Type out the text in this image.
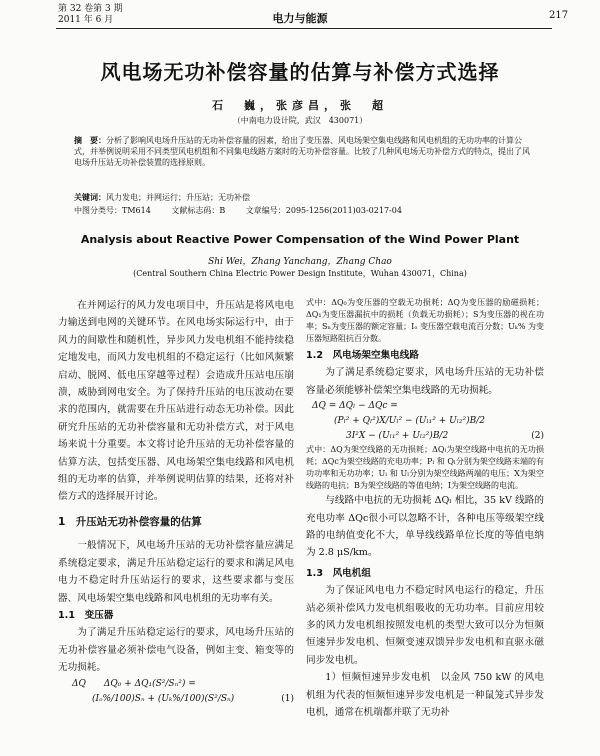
第 32 卷第 3 期
2011 年 6 月	电力与能源	217
风电场无功补偿容量的估算与补偿方式选择
石　巍，张彦昌，张　超
（中南电力设计院，武汉　430071）
摘　要：分析了影响风电场升压站的无功补偿容量的因素，给出了变压器、风电场架空集电线路和风电机组的无功功率的计算公式，并举例说明采用不同类型风电机组和不同集电线路方案时的无功补偿容量。比较了几种风电场无功补偿方式的特点，提出了风电场升压站无功补偿装置的选择原则。
关键词：风力发电；并网运行；升压站；无功补偿
中图分类号：TM614	文献标志码：B	文章编号：2095-1256(2011)03-0217-04
Analysis about Reactive Power Compensation of the Wind Power Plant
Shi Wei，Zhang Yanchang，Zhang Chao
(Central Southern China Electric Power Design Institute，Wuhan 430071，China)

在并网运行的风力发电项目中，升压站是将风电电力输送到电网的关键环节。在风电场实际运行中，由于风力的间歇性和随机性，异步风力发电机组不能持续稳定地发电，而风力发电机组的不稳定运行（比如风频繁启动、脱网、低电压穿越等过程）会造成升压站电压崩溃，威胁到网电安全。为了保持升压站的电压波动在要求的范围内，就需要在升压站进行动态无功补偿。因此研究升压站的无功补偿容量和无功补偿方式，对于风电场来说十分重要。本文将讨论升压站的无功补偿容量的估算方法，包括变压器、风电场架空集电线路和风电机组的无功率的估算，并举例说明估算的结果，还将对补偿方式的选择展开讨论。

1　升压站无功补偿容量的估算

一般情况下，风电场升压站的无功补偿容量应满足系统稳定要求，满足升压站稳定运行的要求和满足风电电力不稳定时升压站运行的要求，这些要求都与变压器、风电场架空集电线路和风电机组的无功率有关。

1.1　变压器

为了满足升压站稳定运行的要求，风电场升压站的无功补偿容量必须补偿电气设备，例如主变、箱变等的无功损耗。

ΔQ　　ΔQ₀ + ΔQ₁(S²/Sₙ²) =
(Iₒ%/100)Sₙ + (Uₖ%/100)(S²/Sₙ)	(1)
式中：ΔQ₀为变压器的空载无功损耗；ΔQ为变压器的励磁损耗；ΔQ₁为变压器漏抗中的损耗（负载无功损耗）；S为变压器的视在功率；Sₙ为变压器的额定容量；Iₒ 变压器空载电流百分数；Uₖ% 为变压器短路阻抗百分数。
1.2　风电场架空集电线路

为了满足系统稳定要求，风电场升压站的无功补偿容量必须能够补偿架空集电线路的无功损耗。

ΔQ = ΔQₗ − ΔQc =
(Pₗ² + Qₗ²)X/Uₗ² − (Uₗ₁² + Uₗ₂²)B/2
3I²X − (Uₗ₁² + Uₗ₂²)B/2	(2)
式中：ΔQ为架空线路的无功损耗；ΔQₗ为架空线路中电抗的无功损耗；ΔQc为架空线路的充电功率；Pₗ 和 Qₗ分别为架空线路末端的有功功率和无功功率；Uₗ 和 Uₗ分别为架空线路两端的电压；X为架空线路的电抗；B为架空线路的等值电纳；I为架空线路的电流。

与线路中电抗的无功损耗 ΔQₗ 相比，35 kV 线路的充电功率 ΔQc很小可以忽略不计，各种电压等级架空线路的电纳值变化不大，单导线线路单位长度的等值电纳为 2.8 μS/km。

1.3　风电机组

为了保证风电电力不稳定时风电运行的稳定，升压站必须补偿风力发电机组吸收的无功功率。目前应用较多的风力发电机组按照发电机的类型大致可以分为恒频恒速异步发电机、恒频变速双馈异步发电机和直驱永磁同步发电机。

1）恒频恒速异步发电机　以金风 750 kW 的风电机组为代表的恒频恒速异步发电机是一种鼠笼式异步发电机，通常在机端都并联了无功补
